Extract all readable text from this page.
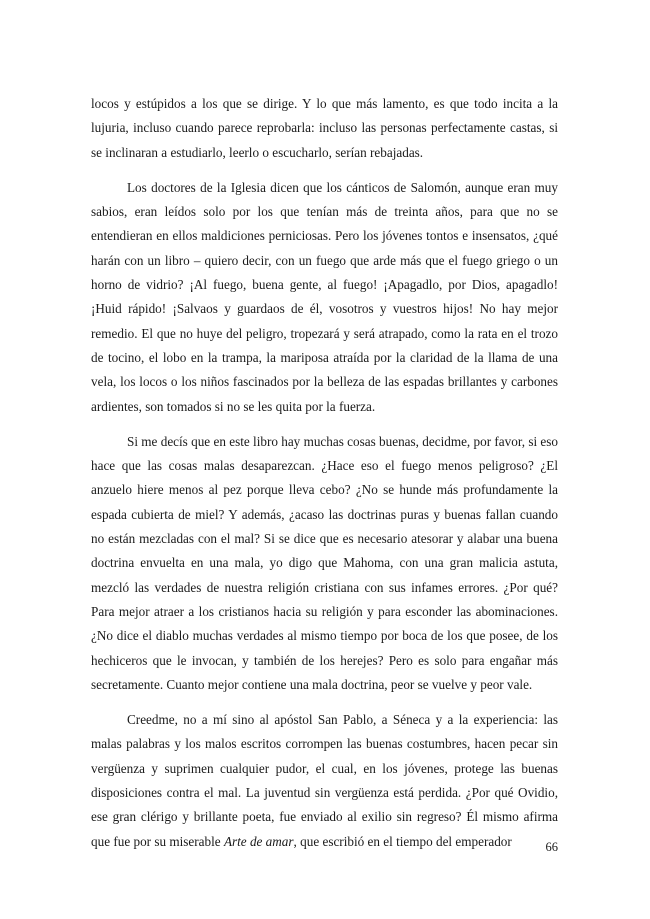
locos y estúpidos a los que se dirige. Y lo que más lamento, es que todo incita a la lujuria, incluso cuando parece reprobarla: incluso las personas perfectamente castas, si se inclinaran a estudiarlo, leerlo o escucharlo, serían rebajadas.

Los doctores de la Iglesia dicen que los cánticos de Salomón, aunque eran muy sabios, eran leídos solo por los que tenían más de treinta años, para que no se entendieran en ellos maldiciones perniciosas. Pero los jóvenes tontos e insensatos, ¿qué harán con un libro – quiero decir, con un fuego que arde más que el fuego griego o un horno de vidrio? ¡Al fuego, buena gente, al fuego! ¡Apagadlo, por Dios, apagadlo! ¡Huid rápido! ¡Salvaos y guardaos de él, vosotros y vuestros hijos! No hay mejor remedio. El que no huye del peligro, tropezará y será atrapado, como la rata en el trozo de tocino, el lobo en la trampa, la mariposa atraída por la claridad de la llama de una vela, los locos o los niños fascinados por la belleza de las espadas brillantes y carbones ardientes, son tomados si no se les quita por la fuerza.

Si me decís que en este libro hay muchas cosas buenas, decidme, por favor, si eso hace que las cosas malas desaparezcan. ¿Hace eso el fuego menos peligroso? ¿El anzuelo hiere menos al pez porque lleva cebo? ¿No se hunde más profundamente la espada cubierta de miel? Y además, ¿acaso las doctrinas puras y buenas fallan cuando no están mezcladas con el mal? Si se dice que es necesario atesorar y alabar una buena doctrina envuelta en una mala, yo digo que Mahoma, con una gran malicia astuta, mezcló las verdades de nuestra religión cristiana con sus infames errores. ¿Por qué? Para mejor atraer a los cristianos hacia su religión y para esconder las abominaciones. ¿No dice el diablo muchas verdades al mismo tiempo por boca de los que posee, de los hechiceros que le invocan, y también de los herejes? Pero es solo para engañar más secretamente. Cuanto mejor contiene una mala doctrina, peor se vuelve y peor vale.

Creedme, no a mí sino al apóstol San Pablo, a Séneca y a la experiencia: las malas palabras y los malos escritos corrompen las buenas costumbres, hacen pecar sin vergüenza y suprimen cualquier pudor, el cual, en los jóvenes, protege las buenas disposiciones contra el mal. La juventud sin vergüenza está perdida. ¿Por qué Ovidio, ese gran clérigo y brillante poeta, fue enviado al exilio sin regreso? Él mismo afirma que fue por su miserable Arte de amar, que escribió en el tiempo del emperador	66
